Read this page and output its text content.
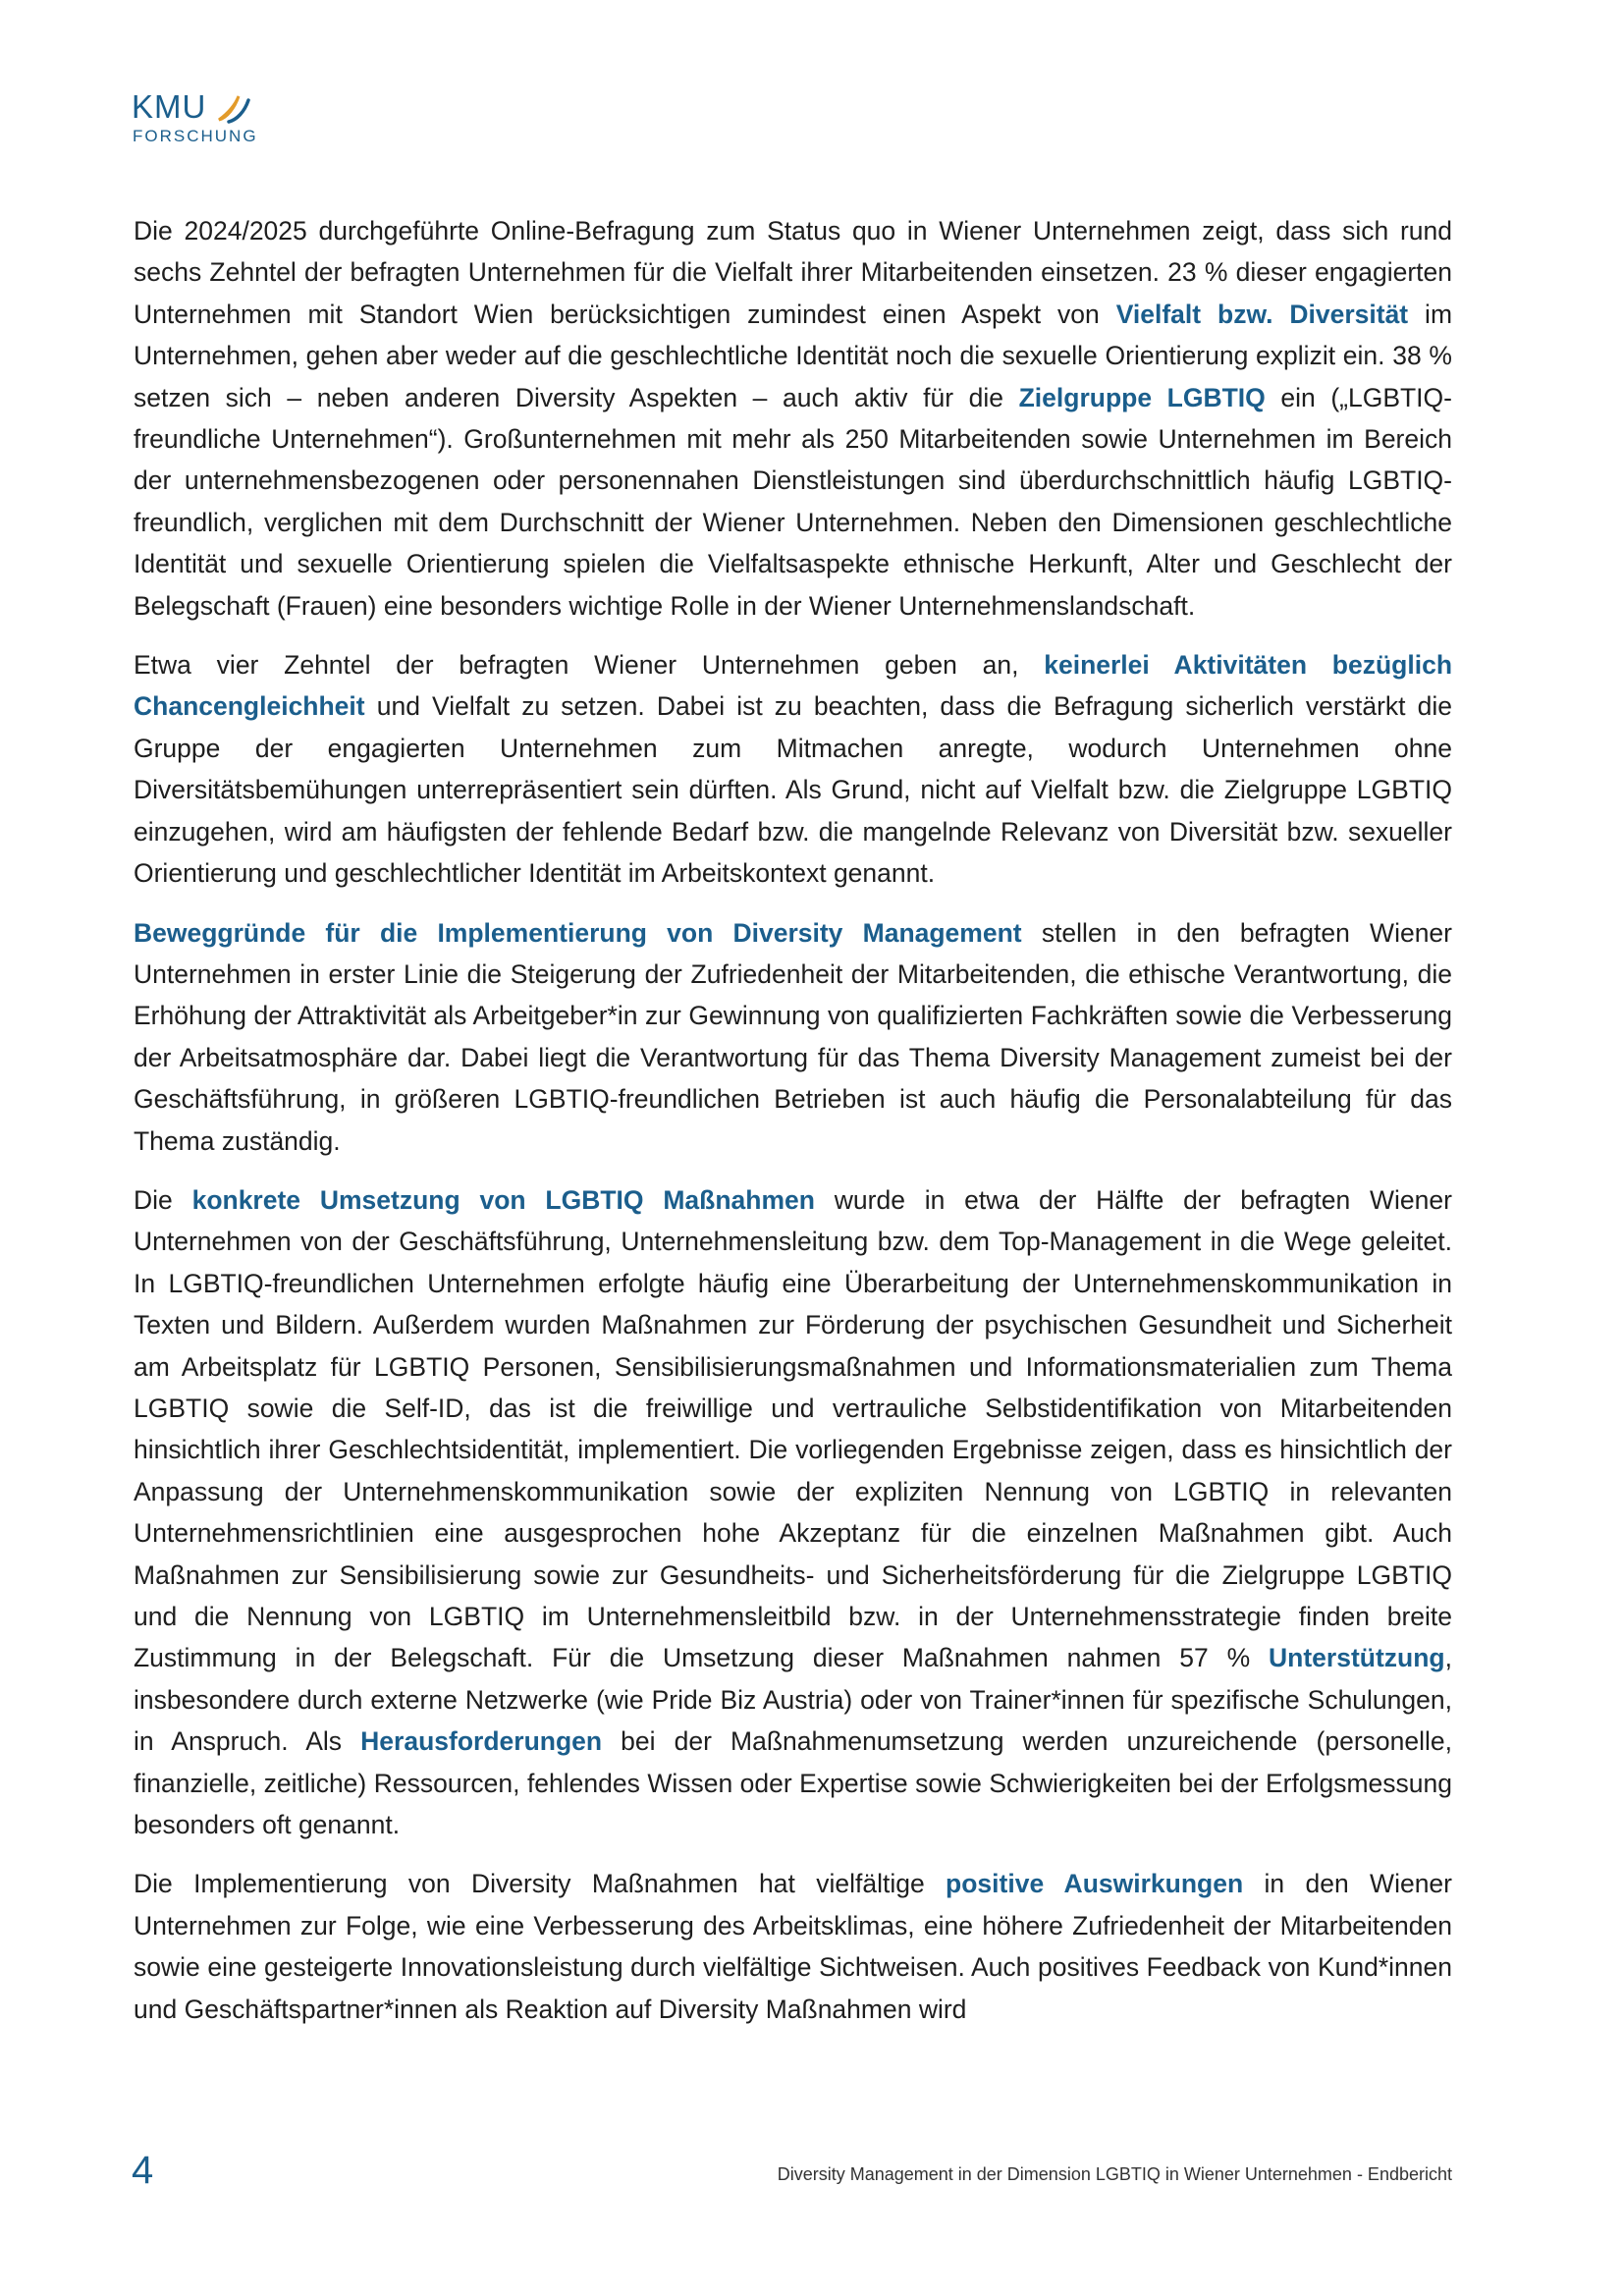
KMU
FORSCHUNG

Die 2024/2025 durchgeführte Online-Befragung zum Status quo in Wiener Unternehmen zeigt, dass sich rund sechs Zehntel der befragten Unternehmen für die Vielfalt ihrer Mitarbeitenden einsetzen. 23 % dieser engagierten Unternehmen mit Standort Wien berücksichtigen zumindest einen Aspekt von Vielfalt bzw. Diversität im Unternehmen, gehen aber weder auf die geschlechtliche Identität noch die sexuelle Orientierung explizit ein. 38 % setzen sich – neben anderen Diversity Aspekten – auch aktiv für die Zielgruppe LGBTIQ ein („LGBTIQ-freundliche Unternehmen“). Großunternehmen mit mehr als 250 Mitarbeitenden sowie Unternehmen im Bereich der unternehmensbezogenen oder personennahen Dienstleistungen sind überdurchschnittlich häufig LGBTIQ-freundlich, verglichen mit dem Durchschnitt der Wiener Unternehmen. Neben den Dimensionen geschlechtliche Identität und sexuelle Orientierung spielen die Vielfaltsaspekte ethnische Herkunft, Alter und Geschlecht der Belegschaft (Frauen) eine besonders wichtige Rolle in der Wiener Unternehmenslandschaft.

Etwa vier Zehntel der befragten Wiener Unternehmen geben an, keinerlei Aktivitäten bezüglich Chancengleichheit und Vielfalt zu setzen. Dabei ist zu beachten, dass die Befragung sicherlich verstärkt die Gruppe der engagierten Unternehmen zum Mitmachen anregte, wodurch Unternehmen ohne Diversitätsbemühungen unterrepräsentiert sein dürften. Als Grund, nicht auf Vielfalt bzw. die Zielgruppe LGBTIQ einzugehen, wird am häufigsten der fehlende Bedarf bzw. die mangelnde Relevanz von Diversität bzw. sexueller Orientierung und geschlechtlicher Identität im Arbeitskontext genannt.

Beweggründe für die Implementierung von Diversity Management stellen in den befragten Wiener Unternehmen in erster Linie die Steigerung der Zufriedenheit der Mitarbeitenden, die ethische Verantwortung, die Erhöhung der Attraktivität als Arbeitgeber*in zur Gewinnung von qualifizierten Fachkräften sowie die Verbesserung der Arbeitsatmosphäre dar. Dabei liegt die Verantwortung für das Thema Diversity Management zumeist bei der Geschäftsführung, in größeren LGBTIQ-freundlichen Betrieben ist auch häufig die Personalabteilung für das Thema zuständig.

Die konkrete Umsetzung von LGBTIQ Maßnahmen wurde in etwa der Hälfte der befragten Wiener Unternehmen von der Geschäftsführung, Unternehmensleitung bzw. dem Top-Management in die Wege geleitet. In LGBTIQ-freundlichen Unternehmen erfolgte häufig eine Überarbeitung der Unternehmenskommunikation in Texten und Bildern. Außerdem wurden Maßnahmen zur Förderung der psychischen Gesundheit und Sicherheit am Arbeitsplatz für LGBTIQ Personen, Sensibilisierungsmaßnahmen und Informationsmaterialien zum Thema LGBTIQ sowie die Self-ID, das ist die freiwillige und vertrauliche Selbstidentifikation von Mitarbeitenden hinsichtlich ihrer Geschlechtsidentität, implementiert. Die vorliegenden Ergebnisse zeigen, dass es hinsichtlich der Anpassung der Unternehmenskommunikation sowie der expliziten Nennung von LGBTIQ in relevanten Unternehmensrichtlinien eine ausgesprochen hohe Akzeptanz für die einzelnen Maßnahmen gibt. Auch Maßnahmen zur Sensibilisierung sowie zur Gesundheits- und Sicherheitsförderung für die Zielgruppe LGBTIQ und die Nennung von LGBTIQ im Unternehmensleitbild bzw. in der Unternehmensstrategie finden breite Zustimmung in der Belegschaft. Für die Umsetzung dieser Maßnahmen nahmen 57 % Unterstützung, insbesondere durch externe Netzwerke (wie Pride Biz Austria) oder von Trainer*innen für spezifische Schulungen, in Anspruch. Als Herausforderungen bei der Maßnahmenumsetzung werden unzureichende (personelle, finanzielle, zeitliche) Ressourcen, fehlendes Wissen oder Expertise sowie Schwierigkeiten bei der Erfolgsmessung besonders oft genannt.

Die Implementierung von Diversity Maßnahmen hat vielfältige positive Auswirkungen in den Wiener Unternehmen zur Folge, wie eine Verbesserung des Arbeitsklimas, eine höhere Zufriedenheit der Mitarbeitenden sowie eine gesteigerte Innovationsleistung durch vielfältige Sichtweisen. Auch positives Feedback von Kund*innen und Geschäftspartner*innen als Reaktion auf Diversity Maßnahmen wird

4	Diversity Management in der Dimension LGBTIQ in Wiener Unternehmen - Endbericht
